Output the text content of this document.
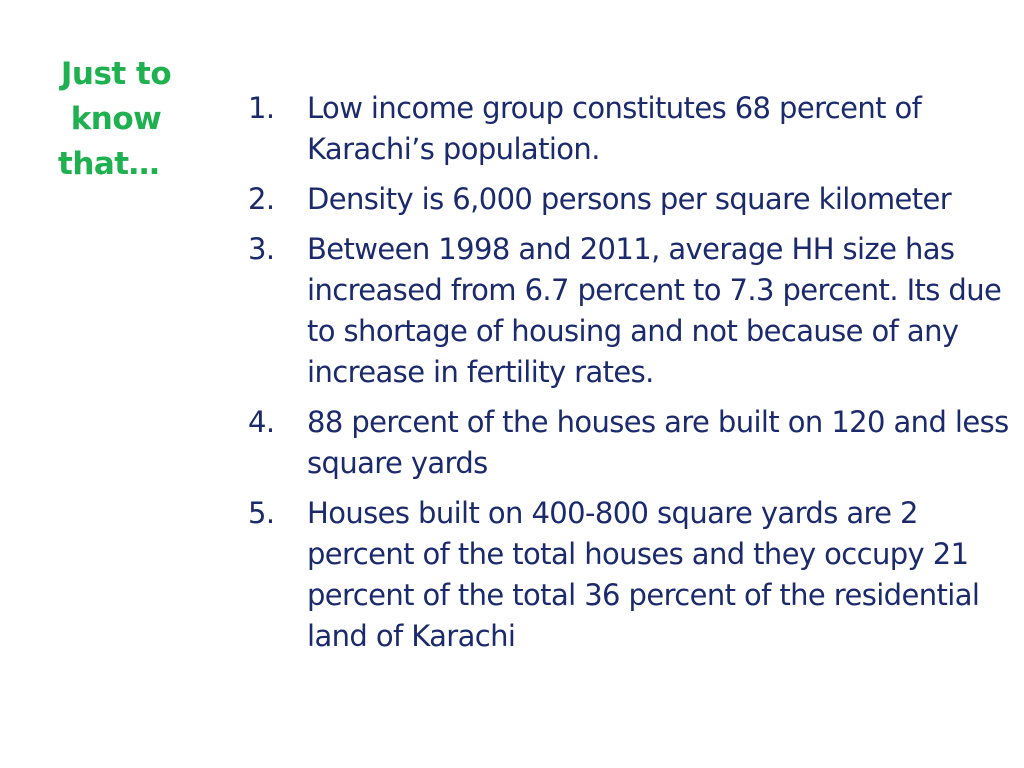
Just to
know
that…
1. Low income group constitutes 68 percent of Karachi’s population.
2. Density is 6,000 persons per square kilometer
3. Between 1998 and 2011, average HH size has increased from 6.7 percent to 7.3 percent. Its due to shortage of housing and not because of any increase in fertility rates.
4. 88 percent of the houses are built on 120 and less square yards
5. Houses built on 400-800 square yards are 2 percent of the total houses and they occupy 21 percent of the total 36 percent of the residential land of Karachi
